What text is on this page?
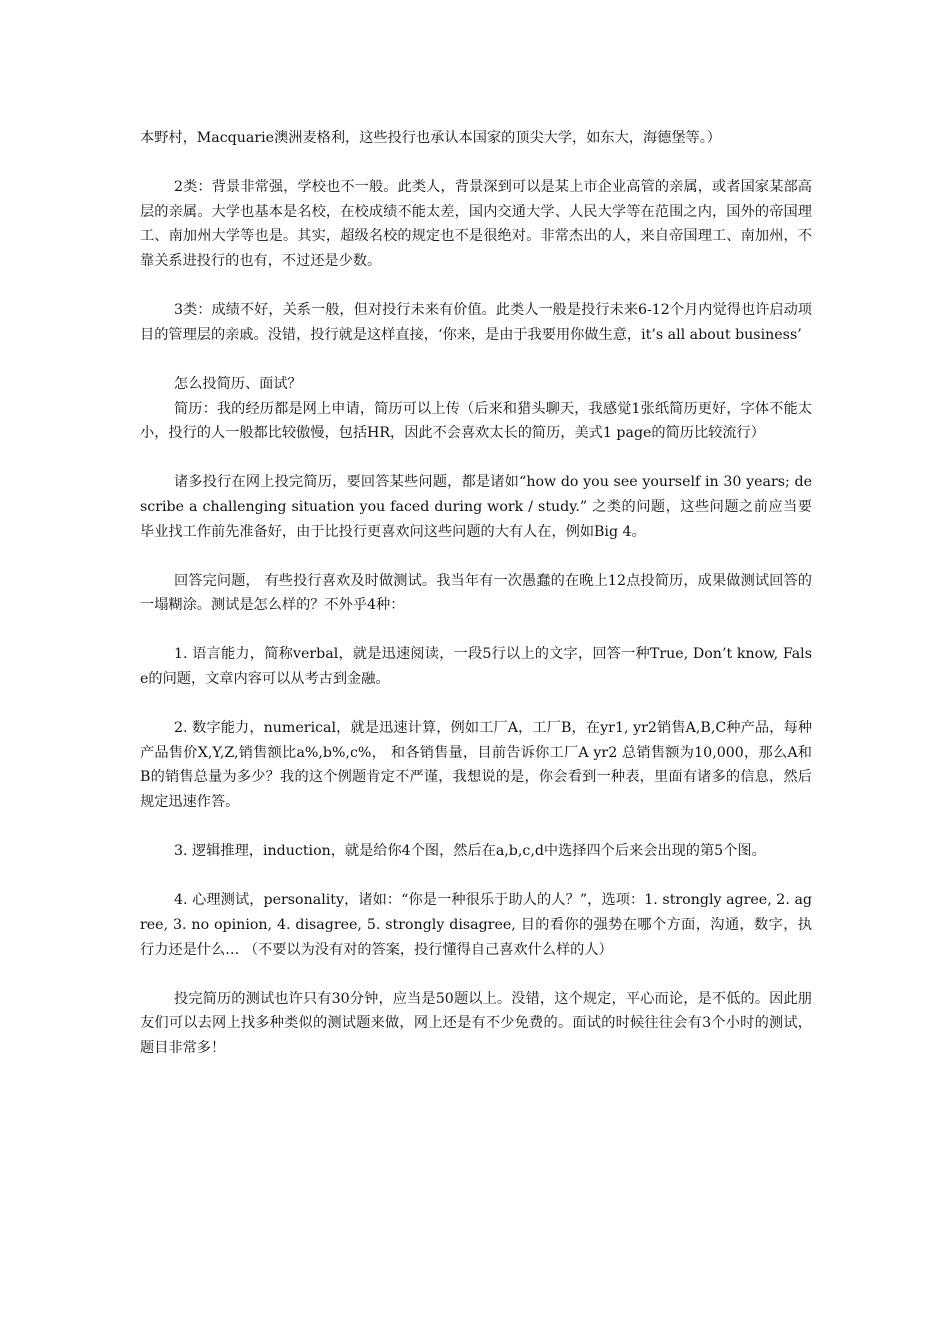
本野村，Macquarie澳洲麦格利，这些投行也承认本国家的顶尖大学，如东大，海德堡等。）

2类：背景非常强，学校也不一般。此类人，背景深到可以是某上市企业高管的亲属，或者国家某部高层的亲属。大学也基本是名校，在校成绩不能太差，国内交通大学、人民大学等在范围之内，国外的帝国理工、南加州大学等也是。其实，超级名校的规定也不是很绝对。非常杰出的人，来自帝国理工、南加州，不靠关系进投行的也有，不过还是少数。

3类：成绩不好，关系一般，但对投行未来有价值。此类人一般是投行未来6-12个月内觉得也许启动项目的管理层的亲戚。没错，投行就是这样直接，‘你来，是由于我要用你做生意，it’s all about business’

怎么投简历、面试？

简历：我的经历都是网上申请，简历可以上传（后来和猎头聊天，我感觉1张纸简历更好，字体不能太小，投行的人一般都比较傲慢，包括HR，因此不会喜欢太长的简历，美式1 page的简历比较流行）

诸多投行在网上投完简历，要回答某些问题，都是诸如“how do you see yourself in 30 years; describe a challenging situation you faced during work / study.” 之类的问题，这些问题之前应当要毕业找工作前先准备好，由于比投行更喜欢问这些问题的大有人在，例如Big 4。

回答完问题， 有些投行喜欢及时做测试。我当年有一次愚蠢的在晚上12点投简历，成果做测试回答的一塌糊涂。测试是怎么样的？不外乎4种：

1. 语言能力，简称verbal，就是迅速阅读，一段5行以上的文字，回答一种True, Don’t know, False的问题，文章内容可以从考古到金融。

2. 数字能力，numerical，就是迅速计算，例如工厂A，工厂B，在yr1, yr2销售A,B,C种产品，每种产品售价X,Y,Z,销售额比a%,b%,c%， 和各销售量，目前告诉你工厂A yr2 总销售额为10,000，那么A和B的销售总量为多少？我的这个例题肯定不严谨，我想说的是，你会看到一种表，里面有诸多的信息，然后规定迅速作答。

3. 逻辑推理，induction，就是给你4个图，然后在a,b,c,d中选择四个后来会出现的第5个图。

4. 心理测试，personality，诸如：“你是一种很乐于助人的人？”，选项：1. strongly agree, 2. agree, 3. no opinion, 4. disagree, 5. strongly disagree, 目的看你的强势在哪个方面，沟通，数字，执行力还是什么… （不要以为没有对的答案，投行懂得自己喜欢什么样的人）

投完简历的测试也许只有30分钟，应当是50题以上。没错，这个规定，平心而论，是不低的。因此朋友们可以去网上找多种类似的测试题来做，网上还是有不少免费的。面试的时候往往会有3个小时的测试，题目非常多！
